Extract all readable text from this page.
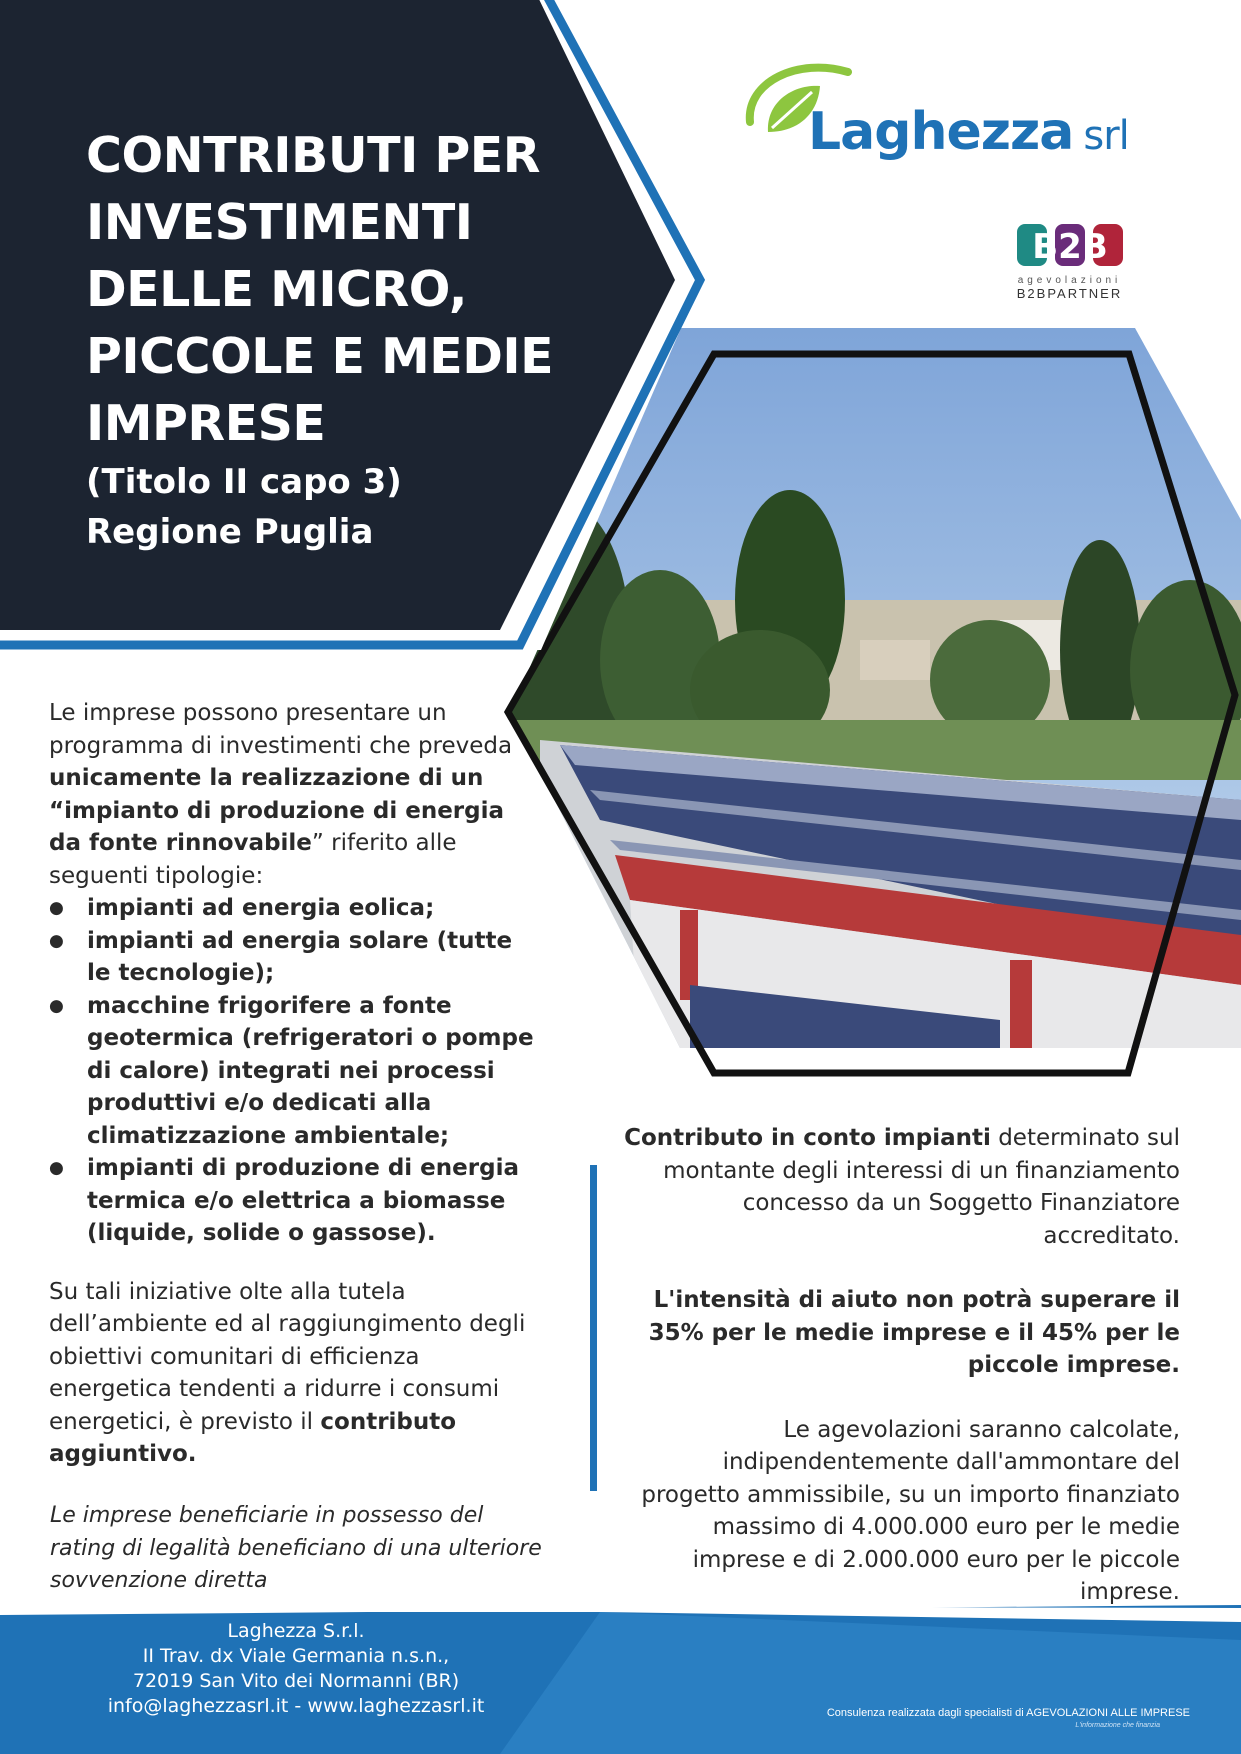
CONTRIBUTI PER

INVESTIMENTI

DELLE MICRO,

PICCOLE E MEDIE

IMPRESE

(Titolo II capo 3)

Regione Puglia

Laghezza srl
B2B
agevolazioni
B2BPARTNER

Le imprese possono presentare un programma di investimenti che preveda unicamente la realizzazione di un “impianto di produzione di energia da fonte rinnovabile” riferito alle seguenti tipologie:

● impianti ad energia eolica;
● impianti ad energia solare (tutte le tecnologie);
● macchine frigorifere a fonte geotermica (refrigeratori o pompe di calore) integrati nei processi produttivi e/o dedicati alla climatizzazione ambientale;
● impianti di produzione di energia termica e/o elettrica a biomasse (liquide, solide o gassose).

Su tali iniziative olte alla tutela dell’ambiente ed al raggiungimento degli obiettivi comunitari di efficienza energetica tendenti a ridurre i consumi energetici, è previsto il contributo aggiuntivo.

Le imprese beneficiarie in possesso del rating di legalità beneficiano di una ulteriore sovvenzione diretta

Contributo in conto impianti determinato sul montante degli interessi di un finanziamento concesso da un Soggetto Finanziatore accreditato.

L'intensità di aiuto non potrà superare il 35% per le medie imprese e il 45% per le piccole imprese.

Le agevolazioni saranno calcolate, indipendentemente dall'ammontare del progetto ammissibile, su un importo finanziato massimo di 4.000.000 euro per le medie imprese e di 2.000.000 euro per le piccole imprese.

Laghezza S.r.l.
II Trav. dx Viale Germania n.s.n.,
72019 San Vito dei Normanni (BR)
info@laghezzasrl.it - www.laghezzasrl.it	Consulenza realizzata dagli specialisti di AGEVOLAZIONI ALLE IMPRESE
L'informazione che finanzia
